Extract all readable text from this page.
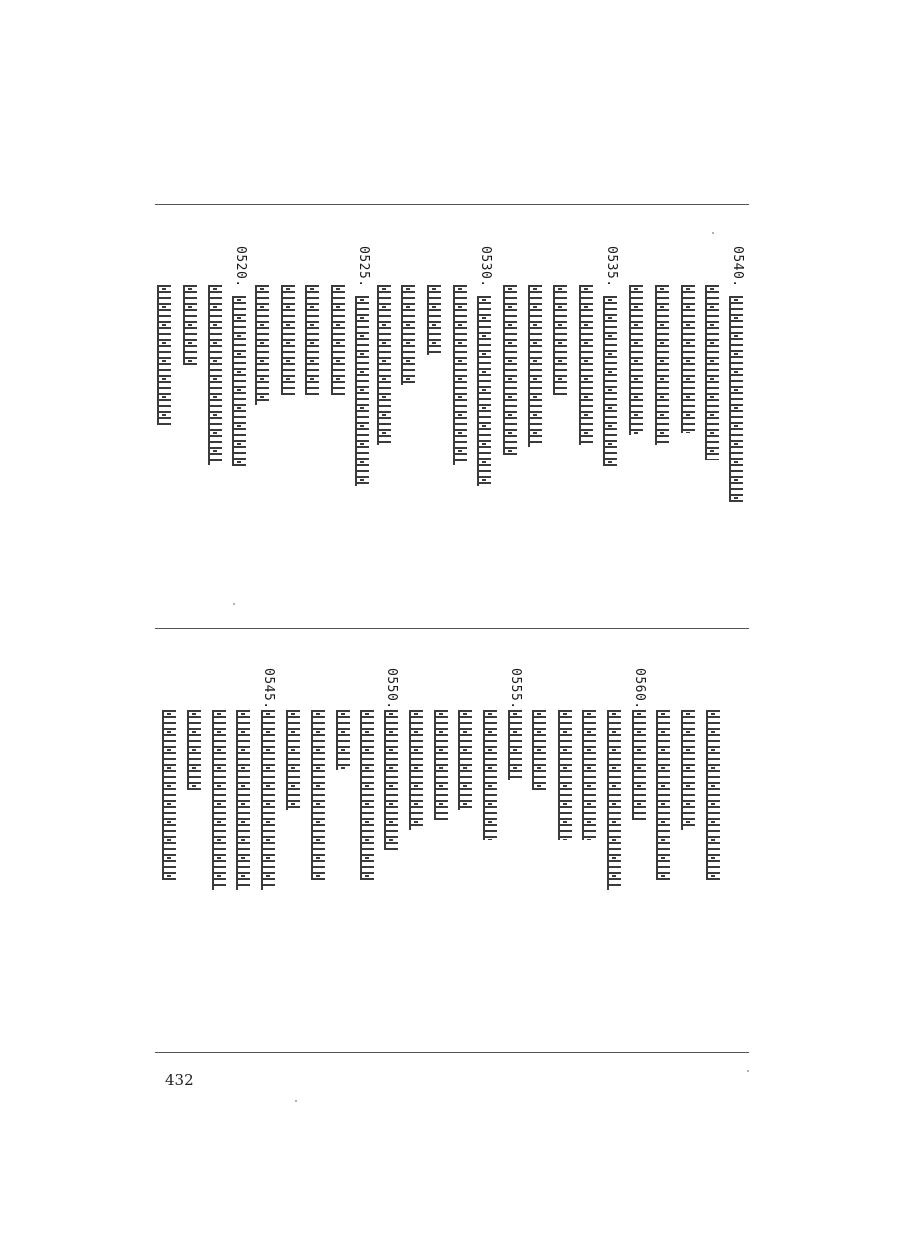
0540.
0535.
0530.
0525.
0520.
0560.
0555.
0550.
0545.
432
